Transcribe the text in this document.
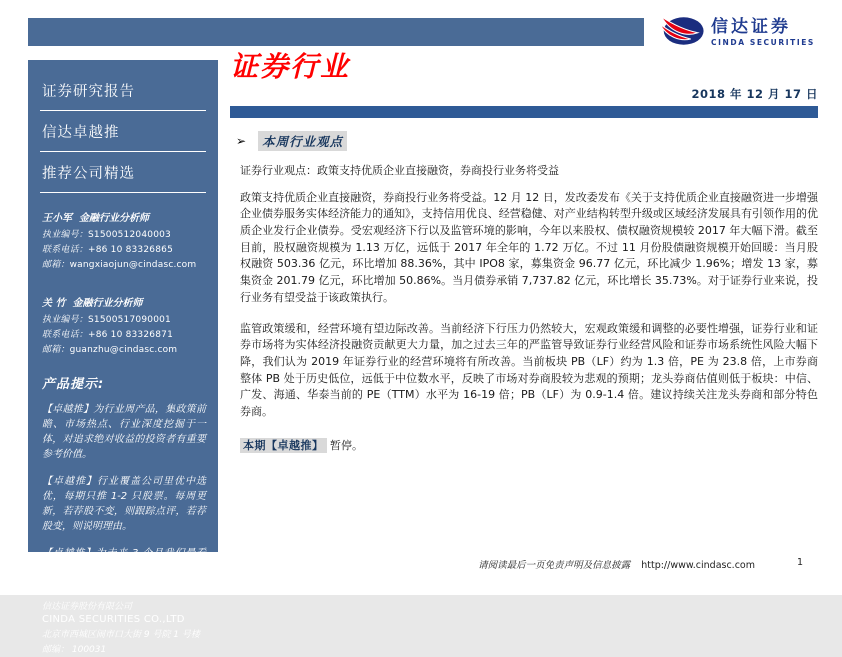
信达证券
CINDA SECURITIES
证券研究报告
信达卓越推
推荐公司精选
王小军 金融行业分析师
执业编号：S1500512040003
联系电话：+86 10 83326865
邮箱：wangxiaojun@cindasc.com
关 竹 金融行业分析师
执业编号：S1500517090001
联系电话：+86 10 83326871
邮箱：guanzhu@cindasc.com
产品提示:
【卓越推】为行业周产品，集政策前瞻、市场热点、行业深度挖掘于一体，对追求绝对收益的投资者有重要参考价值。
【卓越推】行业覆盖公司里优中选优，每期只推 1-2 只股票。每周更新，若荐股不变，则跟踪点评，若荐股变，则说明理由。
【卓越推】为未来 3 个月我们最看好，我们认为这些股票走势将显著战胜市场，建议重点配置。
信达证券股份有限公司
CINDA SECURITIES CO.,LTD
北京市西城区闹市口大街 9 号院 1 号楼
邮编： 100031
证券行业
2018 年 12 月 17 日
➢	本周行业观点
证券行业观点：政策支持优质企业直接融资，券商投行业务将受益
政策支持优质企业直接融资，券商投行业务将受益。12 月 12 日，发改委发布《关于支持优质企业直接融资进一步增强企业债券服务实体经济能力的通知》，支持信用优良、经营稳健、对产业结构转型升级或区域经济发展具有引领作用的优质企业发行企业债券。受宏观经济下行以及监管环境的影响，今年以来股权、债权融资规模较 2017 年大幅下滑。截至目前，股权融资规模为 1.13 万亿，远低于 2017 年全年的 1.72 万亿。不过 11 月份股债融资规模开始回暖：当月股权融资 503.36 亿元，环比增加 88.36%，其中 IPO8 家，募集资金 96.77 亿元，环比减少 1.96%；增发 13 家，募集资金 201.79 亿元，环比增加 50.86%。当月债券承销 7,737.82 亿元，环比增长 35.73%。对于证券行业来说，投行业务有望受益于该政策执行。
监管政策缓和，经营环境有望边际改善。当前经济下行压力仍然较大，宏观政策缓和调整的必要性增强，证券行业和证券市场将为实体经济投融资贡献更大力量，加之过去三年的严监管导致证券行业经营风险和证券市场系统性风险大幅下降，我们认为 2019 年证券行业的经营环境将有所改善。当前板块 PB（LF）约为 1.3 倍，PE 为 23.8 倍，上市券商整体 PB 处于历史低位，远低于中位数水平，反映了市场对券商股较为悲观的预期；龙头券商估值则低于板块：中信、广发、海通、华泰当前的 PE（TTM）水平为 16-19 倍；PB（LF）为 0.9-1.4 倍。建议持续关注龙头券商和部分特色券商。
本期【卓越推】 暂停。
请阅读最后一页免责声明及信息披露 http://www.cindasc.com	1
